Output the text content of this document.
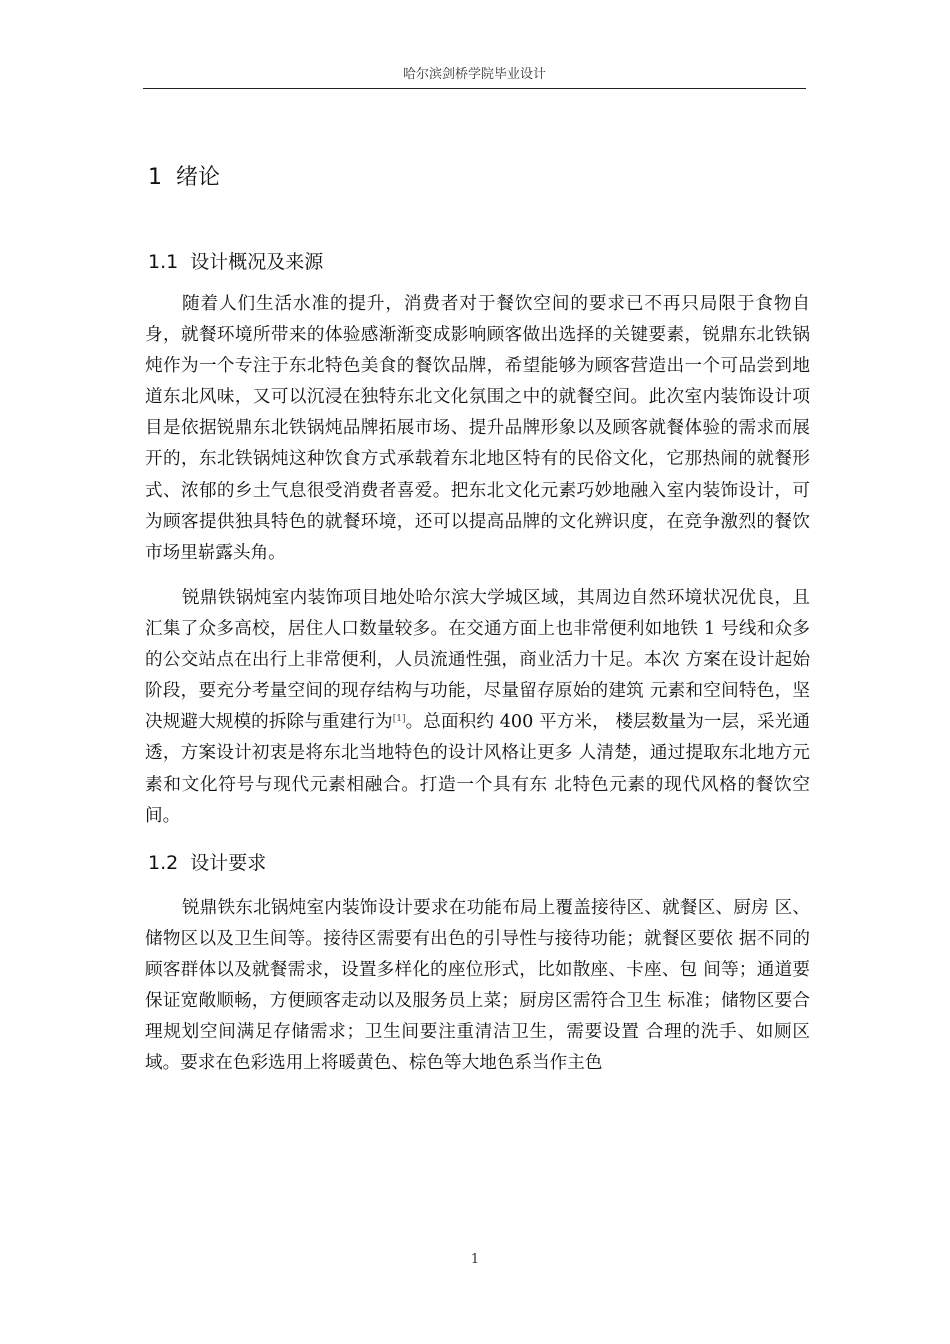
哈尔滨剑桥学院毕业设计
1 绪论
1.1 设计概况及来源

随着人们生活水准的提升，消费者对于餐饮空间的要求已不再只局限于食物自身，就餐环境所带来的体验感渐渐变成影响顾客做出选择的关键要素，锐鼎东北铁锅炖作为一个专注于东北特色美食的餐饮品牌，希望能够为顾客营造出一个可品尝到地道东北风味，又可以沉浸在独特东北文化氛围之中的就餐空间。此次室内装饰设计项目是依据锐鼎东北铁锅炖品牌拓展市场、提升品牌形象以及顾客就餐体验的需求而展开的，东北铁锅炖这种饮食方式承载着东北地区特有的民俗文化，它那热闹的就餐形式、浓郁的乡土气息很受消费者喜爱。把东北文化元素巧妙地融入室内装饰设计，可为顾客提供独具特色的就餐环境，还可以提高品牌的文化辨识度，在竞争激烈的餐饮市场里崭露头角。

锐鼎铁锅炖室内装饰项目地处哈尔滨大学城区域，其周边自然环境状况优良，且汇集了众多高校，居住人口数量较多。在交通方面上也非常便利如地铁 1 号线和众多的公交站点在出行上非常便利，人员流通性强，商业活力十足。本次 方案在设计起始阶段，要充分考量空间的现存结构与功能，尽量留存原始的建筑 元素和空间特色，坚决规避大规模的拆除与重建行为[1]。总面积约 400 平方米， 楼层数量为一层，采光通透，方案设计初衷是将东北当地特色的设计风格让更多 人清楚，通过提取东北地方元素和文化符号与现代元素相融合。打造一个具有东 北特色元素的现代风格的餐饮空间。

1.2 设计要求

锐鼎铁东北锅炖室内装饰设计要求在功能布局上覆盖接待区、就餐区、厨房 区、储物区以及卫生间等。接待区需要有出色的引导性与接待功能；就餐区要依 据不同的顾客群体以及就餐需求，设置多样化的座位形式，比如散座、卡座、包 间等；通道要保证宽敞顺畅，方便顾客走动以及服务员上菜；厨房区需符合卫生 标准；储物区要合理规划空间满足存储需求；卫生间要注重清洁卫生，需要设置 合理的洗手、如厕区域。要求在色彩选用上将暖黄色、棕色等大地色系当作主色

1
